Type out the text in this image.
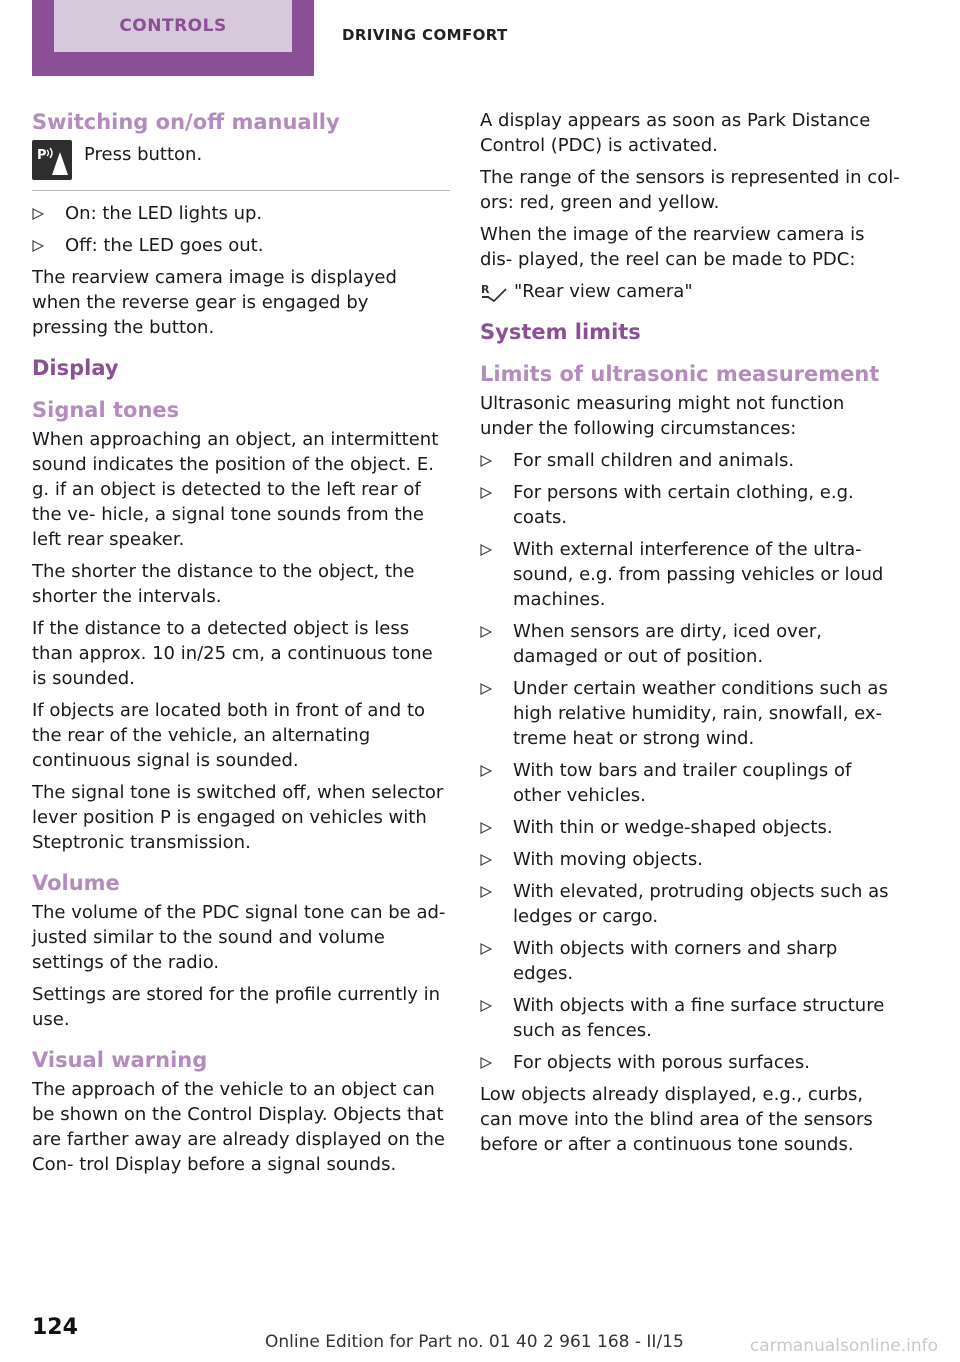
CONTROLS	DRIVING COMFORT
Switching on/off manually
P Press button.
On: the LED lights up.
Off: the LED goes out.

The rearview camera image is displayed when the reverse gear is engaged by pressing the button.

Display
Signal tones

When approaching an object, an intermittent sound indicates the position of the object. E. g. if an object is detected to the left rear of the ve‐ hicle, a signal tone sounds from the left rear speaker.

The shorter the distance to the object, the shorter the intervals.

If the distance to a detected object is less than approx. 10 in/25 cm, a continuous tone is sounded.

If objects are located both in front of and to the rear of the vehicle, an alternating continuous signal is sounded.

The signal tone is switched off, when selector lever position P is engaged on vehicles with Steptronic transmission.

Volume

The volume of the PDC signal tone can be ad‐ justed similar to the sound and volume settings of the radio.

Settings are stored for the profile currently in use.

Visual warning

The approach of the vehicle to an object can be shown on the Control Display. Objects that are farther away are already displayed on the Con‐ trol Display before a signal sounds.

A display appears as soon as Park Distance Control (PDC) is activated.

The range of the sensors is represented in col‐ ors: red, green and yellow.

When the image of the rearview camera is dis‐ played, the reel can be made to PDC:

R "Rear view camera"
System limits
Limits of ultrasonic measurement

Ultrasonic measuring might not function under the following circumstances:

For small children and animals.
For persons with certain clothing, e.g. coats.
With external interference of the ultra‐ sound, e.g. from passing vehicles or loud machines.
When sensors are dirty, iced over, damaged or out of position.
Under certain weather conditions such as high relative humidity, rain, snowfall, ex‐ treme heat or strong wind.
With tow bars and trailer couplings of other vehicles.
With thin or wedge-shaped objects.
With moving objects.
With elevated, protruding objects such as ledges or cargo.
With objects with corners and sharp edges.
With objects with a fine surface structure such as fences.
For objects with porous surfaces.

Low objects already displayed, e.g., curbs, can move into the blind area of the sensors before or after a continuous tone sounds.

124
Online Edition for Part no. 01 40 2 961 168 - II/15	carmanualsonline.info
